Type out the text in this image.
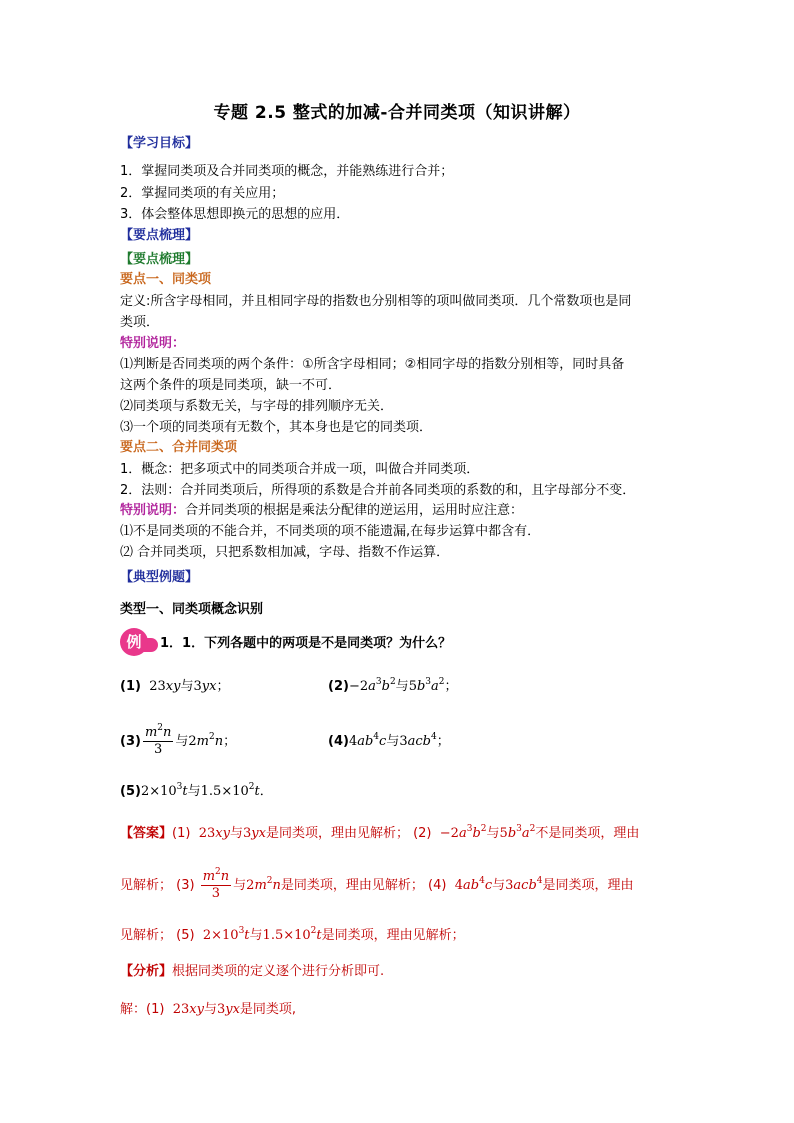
专题 2.5 整式的加减-合并同类项（知识讲解）
【学习目标】
1．掌握同类项及合并同类项的概念，并能熟练进行合并；
2．掌握同类项的有关应用；
3．体会整体思想即换元的思想的应用．
【要点梳理】
【要点梳理】
要点一、同类项
定义:所含字母相同，并且相同字母的指数也分别相等的项叫做同类项．几个常数项也是同
类项．
特别说明：
⑴判断是否同类项的两个条件：①所含字母相同；②相同字母的指数分别相等，同时具备
这两个条件的项是同类项，缺一不可．
⑵同类项与系数无关，与字母的排列顺序无关．
⑶一个项的同类项有无数个，其本身也是它的同类项．
要点二、合并同类项
1．概念：把多项式中的同类项合并成一项，叫做合并同类项．
2．法则：合并同类项后，所得项的系数是合并前各同类项的系数的和，且字母部分不变．
特别说明：合并同类项的根据是乘法分配律的逆运用，运用时应注意：
⑴不是同类项的不能合并，不同类项的项不能遗漏,在每步运算中都含有．
⑵ 合并同类项，只把系数相加减，字母、指数不作运算．
【典型例题】
类型一、同类项概念识别
例	1．1．下列各题中的两项是不是同类项？为什么？
(1)  23xy与3yx；	$(2)-2a^3b^2$与$5b^3a^2$；
$(3) \frac{m^2n}{3}$ 与$2m^2n$；	$(4)4ab^4c$与3acb$^4$；
$(5)2\times 10^3t$与$1.5\times 10^2t$．
【答案】(1)  23xy与3yx是同类项，理由见解析； $(2) -2a^3b^2$与$5b^3a^2$不是同类项，理由
见解析； $(3) \frac{m^2n}{3}$ 与$2m^2n$是同类项，理由见解析； (4)  $4ab^4c$与3acb$^4$是同类项，理由
见解析； (5)  $2\times 10^3t$与$1.5\times 10^2t$是同类项，理由见解析；
【分析】根据同类项的定义逐个进行分析即可.
解：(1)  23xy与3yx是同类项,
